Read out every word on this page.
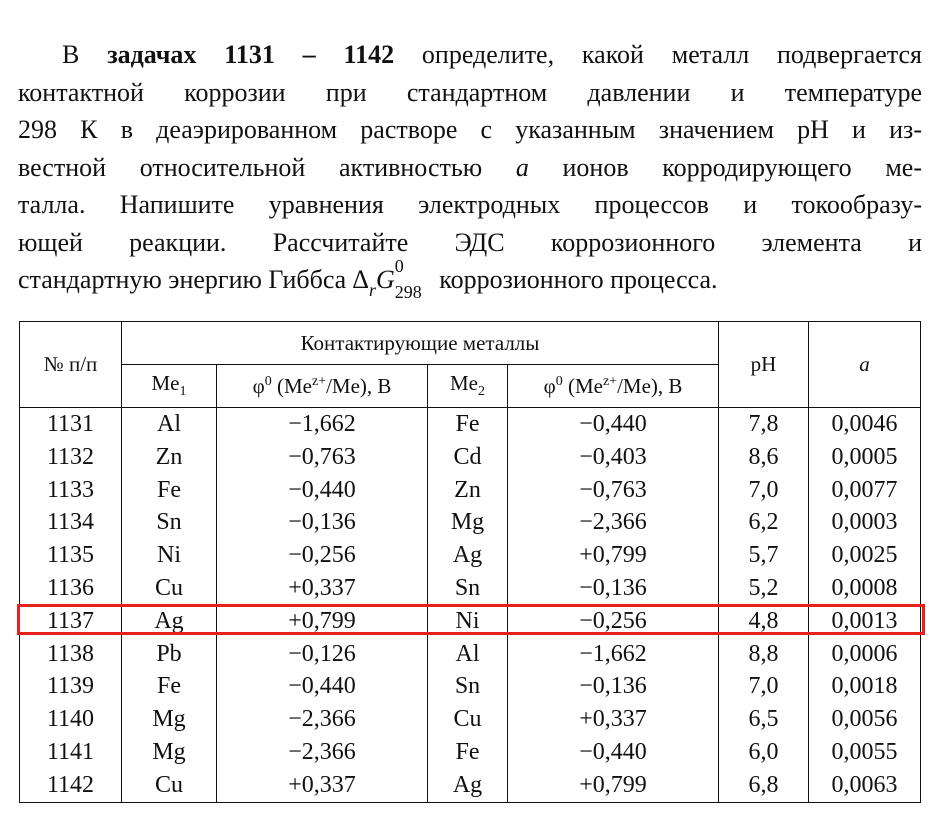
В задачах 1131 – 1142 определите, какой металл подвергается
контактной коррозии при стандартном давлении и температуре
298 К в деаэрированном растворе с указанным значением рН и из-
вестной относительной активностью a ионов корродирующего ме-
талла. Напишите уравнения электродных процессов и токообразу-
ющей реакции. Рассчитайте ЭДС коррозионного элемента и
стандартную энергию Гиббса $\Delta_rG$ 0
298 коррозионного процесса.
№ п/п	Контактирующие металлы				pH	a
	$Me_1$	$\varphi^0$ $(Me^{z+}/Me)$, В	$Me_2$	$\varphi^0$ $(Me^{z+}/Me)$, В		
1131	Al	−1,662	Fe	−0,440	7,8	0,0046
1132	Zn	−0,763	Cd	−0,403	8,6	0,0005
1133	Fe	−0,440	Zn	−0,763	7,0	0,0077
1134	Sn	−0,136	Mg	−2,366	6,2	0,0003
1135	Ni	−0,256	Ag	+0,799	5,7	0,0025
1136	Cu	+0,337	Sn	−0,136	5,2	0,0008
1137	Ag	+0,799	Ni	−0,256	4,8	0,0013
1138	Pb	−0,126	Al	−1,662	8,8	0,0006
1139	Fe	−0,440	Sn	−0,136	7,0	0,0018
1140	Mg	−2,366	Cu	+0,337	6,5	0,0056
1141	Mg	−2,366	Fe	−0,440	6,0	0,0055
1142	Cu	+0,337	Ag	+0,799	6,8	0,0063
